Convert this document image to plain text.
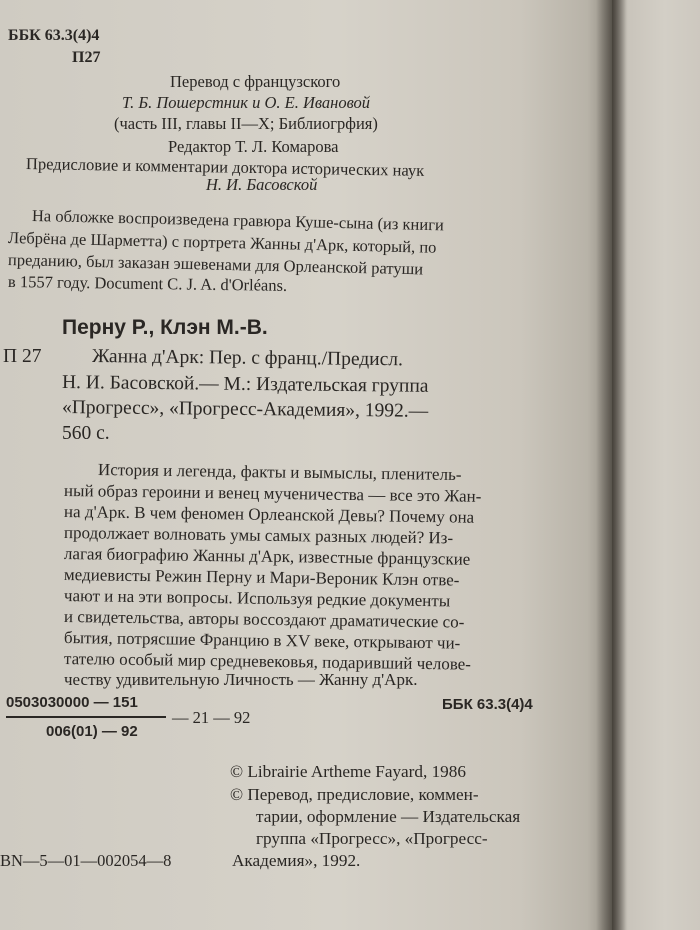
ББК 63.3(4)4
П27
Перевод с французского
Т. Б. Пошерстник и О. Е. Ивановой
(часть III, главы II—X; Библиогрфия)
Редактор Т. Л. Комарова
Предисловие и комментарии доктора исторических наук
Н. И. Басовской
На обложке воспроизведена гравюра Куше-сына (из книги
Лебрёна де Шарметта) с портрета Жанны д'Арк, который, по
преданию, был заказан эшевенами для Орлеанской ратуши
в 1557 году. Document C. J. A. d'Orléans.
Перну Р., Клэн М.-В.
П 27	Жанна д'Арк: Пер. с франц./Предисл.
Н. И. Басовской.— М.: Издательская группа
«Прогресс», «Прогресс-Академия», 1992.—
560 с.
История и легенда, факты и вымыслы, пленитель-
ный образ героини и венец мученичества — все это Жан-
на д'Арк. В чем феномен Орлеанской Девы? Почему она
продолжает волновать умы самых разных людей? Из-
лагая биографию Жанны д'Арк, известные французские
медиевисты Режин Перну и Мари-Вероник Клэн отве-
чают и на эти вопросы. Используя редкие документы
и свидетельства, авторы воссоздают драматические со-
бытия, потрясшие Францию в XV веке, открывают чи-
тателю особый мир средневековья, подаривший челове-
честву удивительную Личность — Жанну д'Арк.
0503030000 — 151
006(01) — 92
— 21 — 92
ББК 63.3(4)4
© Librairie Artheme Fayard, 1986
© Перевод, предисловие, коммен-
тарии, оформление — Издательская
группа «Прогресс», «Прогресс-
Академия», 1992.
BN—5—01—002054—8
